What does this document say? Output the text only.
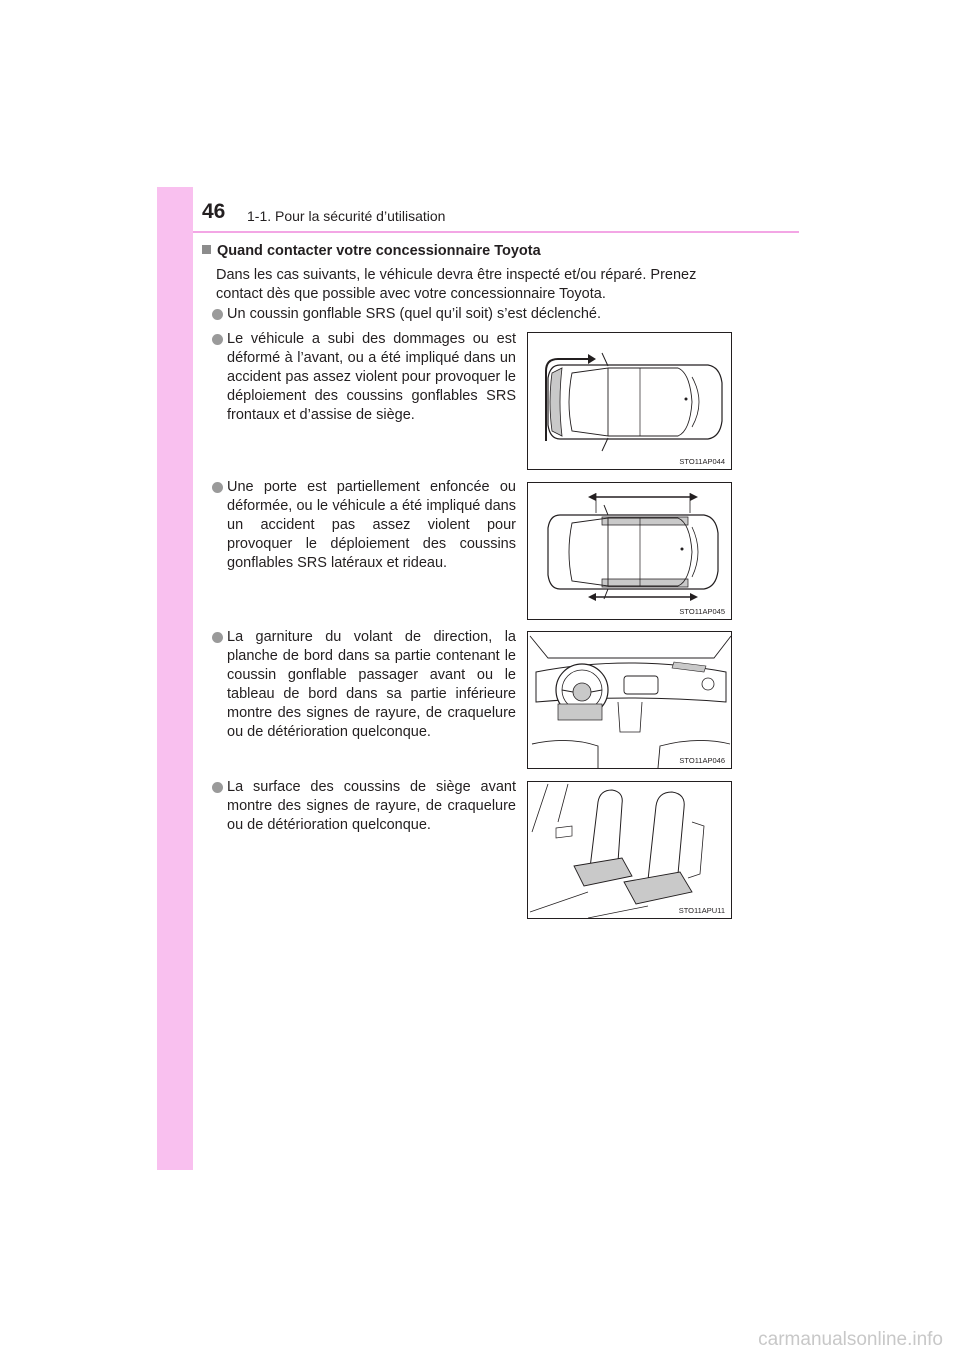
46 1-1. Pour la sécurité d’utilisation
Quand contacter votre concessionnaire Toyota
Dans les cas suivants, le véhicule devra être inspecté et/ou réparé. Prenez
contact dès que possible avec votre concessionnaire Toyota.
Un coussin gonflable SRS (quel qu’il soit) s’est déclenché.
Le véhicule a subi des dommages ou est déformé à l’avant, ou a été impliqué dans un accident pas assez violent pour provoquer le déploiement des coussins gonflables SRS frontaux et d’assise de siège.
Une porte est partiellement enfoncée ou déformée, ou le véhicule a été impliqué dans un accident pas assez violent pour provoquer le déploiement des coussins gonflables SRS latéraux et rideau.
La garniture du volant de direction, la planche de bord dans sa partie contenant le coussin gonflable passager avant ou le tableau de bord dans sa partie inférieure montre des signes de rayure, de craquelure ou de détérioration quelconque.
La surface des coussins de siège avant montre des signes de rayure, de craquelure ou de détérioration quelconque.
STO11AP044
STO11AP045
STO11AP046
STO11APU11
carmanualsonline.info
